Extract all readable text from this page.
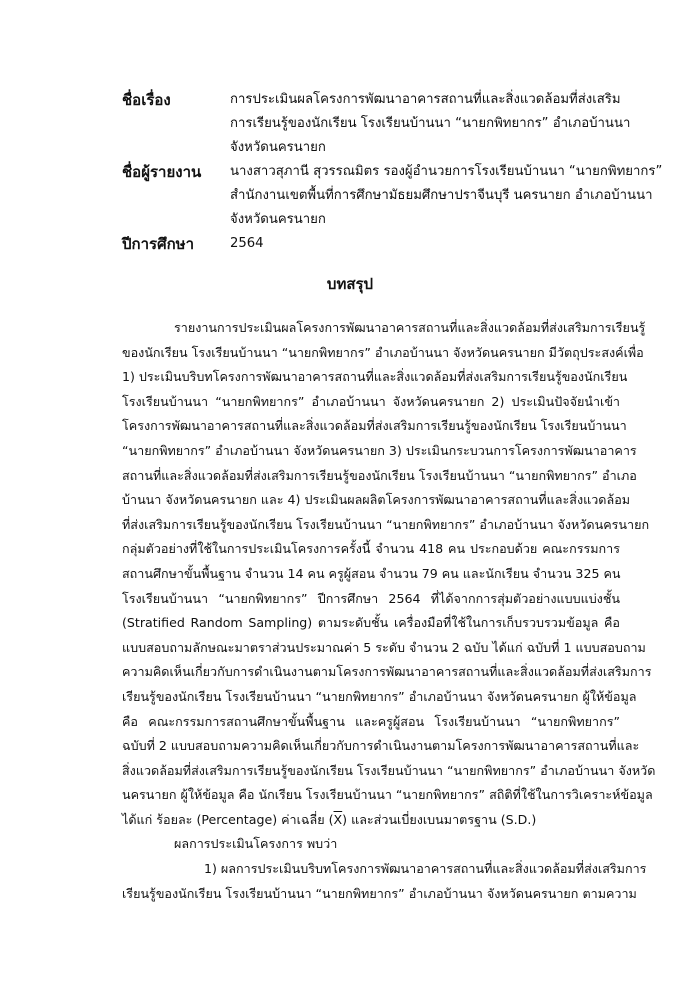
ชื่อเรื่อง	การประเมินผลโครงการพัฒนาอาคารสถานที่และสิ่งแวดล้อมที่ส่งเสริม
การเรียนรู้ของนักเรียน โรงเรียนบ้านนา “นายกพิทยากร” อำเภอบ้านนา
จังหวัดนครนายก
ชื่อผู้รายงาน นางสาวสุภานี สุวรรณมิตร รองผู้อำนวยการโรงเรียนบ้านนา “นายกพิทยากร”
สำนักงานเขตพื้นที่การศึกษามัธยมศึกษาปราจีนบุรี นครนายก อำเภอบ้านนา
จังหวัดนครนายก
ปีการศึกษา	2564
บทสรุป
รายงานการประเมินผลโครงการพัฒนาอาคารสถานที่และสิ่งแวดล้อมที่ส่งเสริมการเรียนรู้
ของนักเรียน โรงเรียนบ้านนา “นายกพิทยากร” อำเภอบ้านนา จังหวัดนครนายก มีวัตถุประสงค์เพื่อ
1) ประเมินบริบทโครงการพัฒนาอาคารสถานที่และสิ่งแวดล้อมที่ส่งเสริมการเรียนรู้ของนักเรียน
โรงเรียนบ้านนา “นายกพิทยากร” อำเภอบ้านนา จังหวัดนครนายก 2) ประเมินปัจจัยนำเข้า
โครงการพัฒนาอาคารสถานที่และสิ่งแวดล้อมที่ส่งเสริมการเรียนรู้ของนักเรียน โรงเรียนบ้านนา
“นายกพิทยากร” อำเภอบ้านนา จังหวัดนครนายก 3) ประเมินกระบวนการโครงการพัฒนาอาคาร
สถานที่และสิ่งแวดล้อมที่ส่งเสริมการเรียนรู้ของนักเรียน โรงเรียนบ้านนา “นายกพิทยากร” อำเภอ
บ้านนา จังหวัดนครนายก และ 4) ประเมินผลผลิตโครงการพัฒนาอาคารสถานที่และสิ่งแวดล้อม
ที่ส่งเสริมการเรียนรู้ของนักเรียน โรงเรียนบ้านนา “นายกพิทยากร” อำเภอบ้านนา จังหวัดนครนายก
กลุ่มตัวอย่างที่ใช้ในการประเมินโครงการครั้งนี้ จำนวน 418 คน ประกอบด้วย คณะกรรมการ
สถานศึกษาขั้นพื้นฐาน จำนวน 14 คน ครูผู้สอน จำนวน 79 คน และนักเรียน จำนวน 325 คน
โรงเรียนบ้านนา “นายกพิทยากร” ปีการศึกษา 2564 ที่ได้จากการสุ่มตัวอย่างแบบแบ่งชั้น
(Stratified Random Sampling) ตามระดับชั้น เครื่องมือที่ใช้ในการเก็บรวบรวมข้อมูล คือ
แบบสอบถามลักษณะมาตราส่วนประมาณค่า 5 ระดับ จำนวน 2 ฉบับ ได้แก่ ฉบับที่ 1 แบบสอบถาม
ความคิดเห็นเกี่ยวกับการดำเนินงานตามโครงการพัฒนาอาคารสถานที่และสิ่งแวดล้อมที่ส่งเสริมการ
เรียนรู้ของนักเรียน โรงเรียนบ้านนา “นายกพิทยากร” อำเภอบ้านนา จังหวัดนครนายก ผู้ให้ข้อมูล
คือ คณะกรรมการสถานศึกษาขั้นพื้นฐาน และครูผู้สอน โรงเรียนบ้านนา “นายกพิทยากร”
ฉบับที่ 2 แบบสอบถามความคิดเห็นเกี่ยวกับการดำเนินงานตามโครงการพัฒนาอาคารสถานที่และ
สิ่งแวดล้อมที่ส่งเสริมการเรียนรู้ของนักเรียน โรงเรียนบ้านนา “นายกพิทยากร” อำเภอบ้านนา จังหวัด
นครนายก ผู้ให้ข้อมูล คือ นักเรียน โรงเรียนบ้านนา “นายกพิทยากร” สถิติที่ใช้ในการวิเคราะห์ข้อมูล
ได้แก่ ร้อยละ (Percentage) ค่าเฉลี่ย $(\overline{X})$ และส่วนเบี่ยงเบนมาตรฐาน (S.D.)
ผลการประเมินโครงการ พบว่า
1) ผลการประเมินบริบทโครงการพัฒนาอาคารสถานที่และสิ่งแวดล้อมที่ส่งเสริมการ
เรียนรู้ของนักเรียน โรงเรียนบ้านนา “นายกพิทยากร” อำเภอบ้านนา จังหวัดนครนายก ตามความ
